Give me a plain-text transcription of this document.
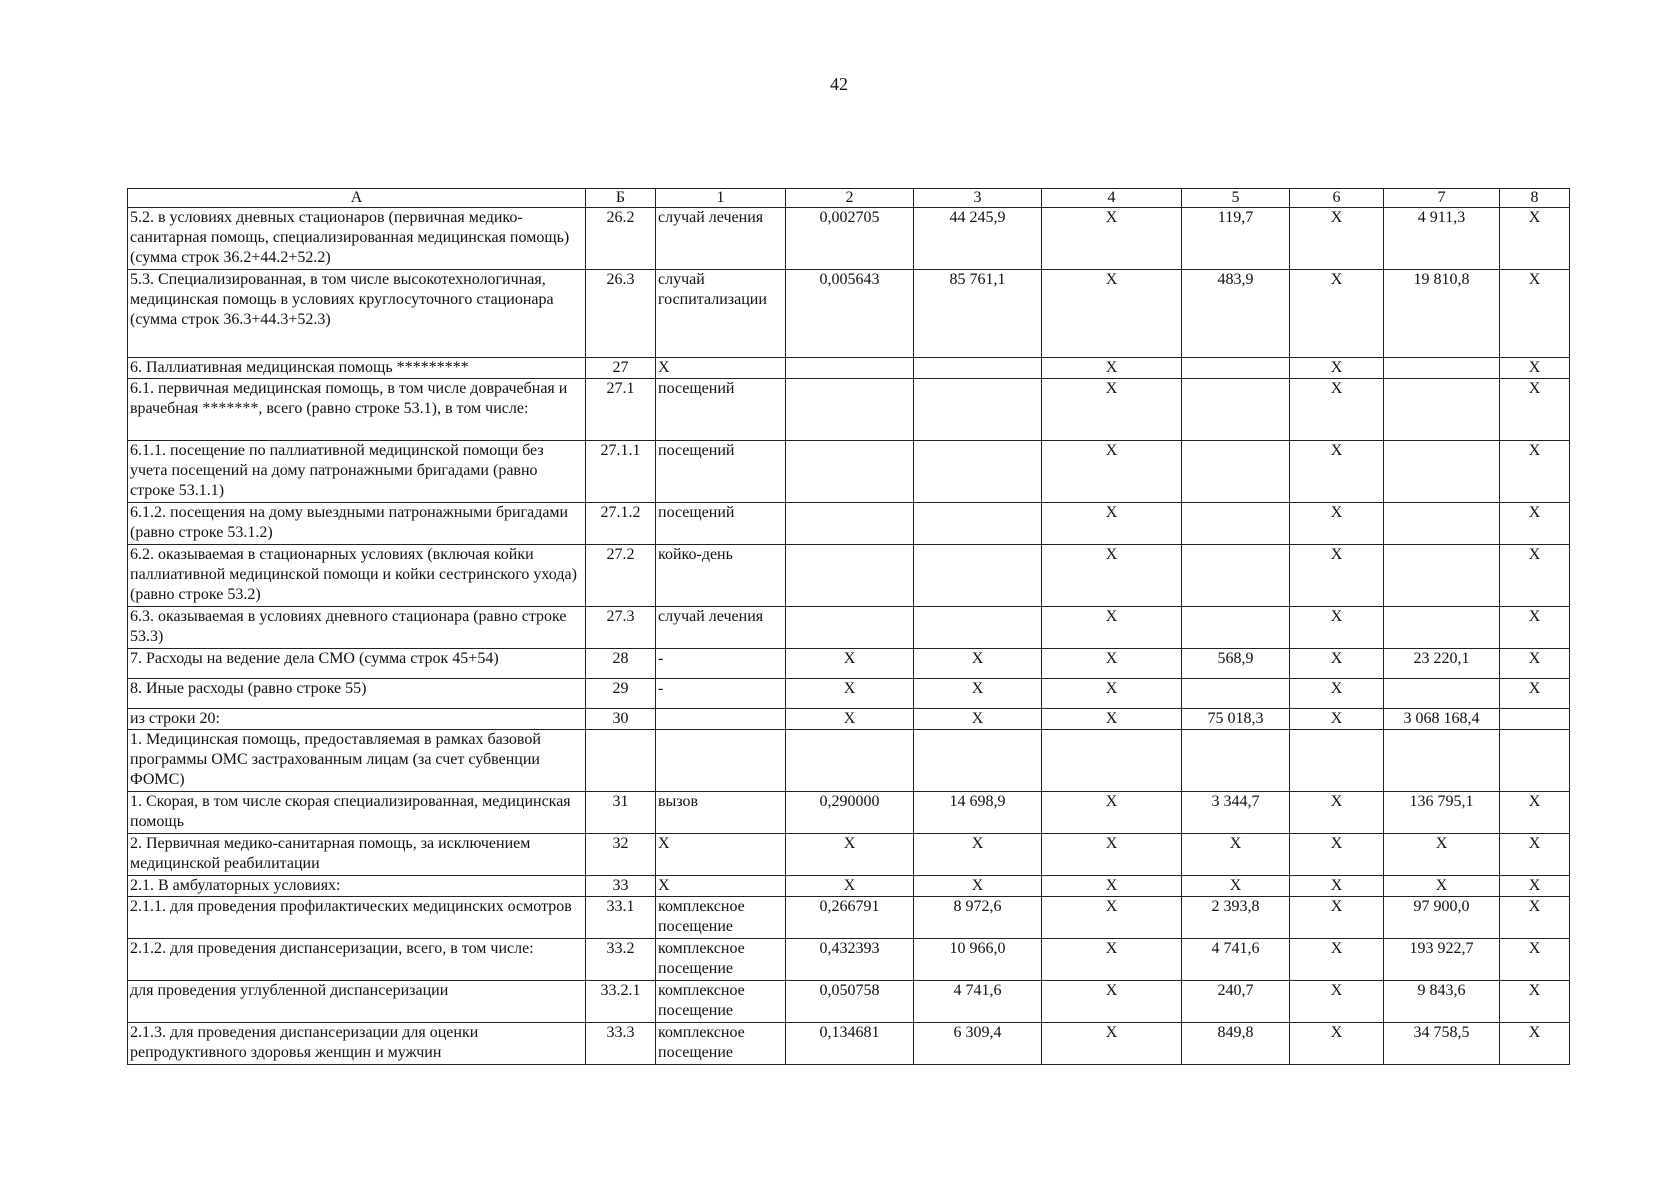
42
А	Б	1	2	3	4	5	6	7	8
5.2. в условиях дневных стационаров (первичная медико-санитарная помощь, специализированная медицинская помощь) (сумма строк 36.2+44.2+52.2)	26.2	случай лечения	0,002705	44 245,9	Х	119,7	Х	4 911,3	Х
5.3. Специализированная, в том числе высокотехнологичная, медицинская помощь в условиях круглосуточного стационара (сумма строк 36.3+44.3+52.3)	26.3	случай госпитализации	0,005643	85 761,1	Х	483,9	Х	19 810,8	Х
6. Паллиативная медицинская помощь *********	27	Х			Х		Х		Х
6.1. первичная медицинская помощь, в том числе доврачебная и врачебная *******, всего (равно строке 53.1), в том числе:	27.1	посещений			Х		Х		Х
6.1.1. посещение по паллиативной медицинской помощи без учета посещений на дому патронажными бригадами (равно строке 53.1.1)	27.1.1	посещений			Х		Х		Х
6.1.2. посещения на дому выездными патронажными бригадами (равно строке 53.1.2)	27.1.2	посещений			Х		Х		Х
6.2. оказываемая в стационарных условиях (включая койки паллиативной медицинской помощи и койки сестринского ухода) (равно строке 53.2)	27.2	койко-день			Х		Х		Х
6.3. оказываемая в условиях дневного стационара (равно строке 53.3)	27.3	случай лечения			Х		Х		Х
7. Расходы на ведение дела СМО (сумма строк 45+54)	28	-	Х	Х	Х	568,9	Х	23 220,1	Х
8. Иные расходы (равно строке 55)	29	-	Х	Х	Х		Х		Х
из строки 20:	30		Х	Х	Х	75 018,3	Х	3 068 168,4	
1. Медицинская помощь, предоставляемая в рамках базовой программы ОМС застрахованным лицам (за счет субвенции ФОМС)									
1. Скорая, в том числе скорая специализированная, медицинская помощь	31	вызов	0,290000	14 698,9	Х	3 344,7	Х	136 795,1	Х
2. Первичная медико-санитарная помощь, за исключением медицинской реабилитации	32	Х	Х	Х	Х	Х	Х	Х	Х
2.1. В амбулаторных условиях:	33	Х	Х	Х	Х	Х	Х	Х	Х
2.1.1. для проведения профилактических медицинских осмотров	33.1	комплексное посещение	0,266791	8 972,6	Х	2 393,8	Х	97 900,0	Х
2.1.2. для проведения диспансеризации, всего, в том числе:	33.2	комплексное посещение	0,432393	10 966,0	Х	4 741,6	Х	193 922,7	Х
для проведения углубленной диспансеризации	33.2.1	комплексное посещение	0,050758	4 741,6	Х	240,7	Х	9 843,6	Х
2.1.3. для проведения диспансеризации для оценки репродуктивного здоровья женщин и мужчин	33.3	комплексное посещение	0,134681	6 309,4	Х	849,8	Х	34 758,5	Х
